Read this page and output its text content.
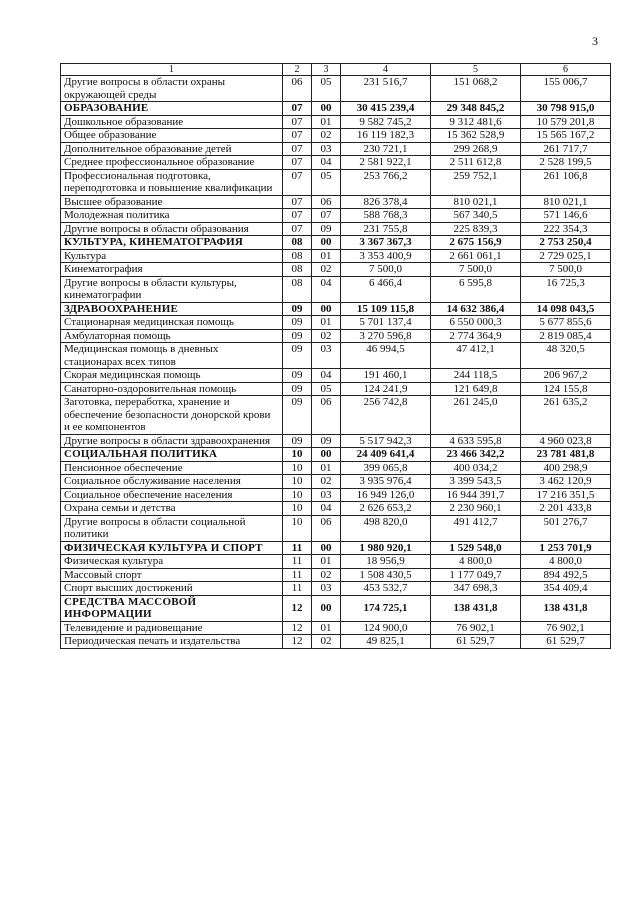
3
1	2	3	4	5	6
Другие вопросы в области охраны окружающей среды	06	05	231 516,7	151 068,2	155 006,7
ОБРАЗОВАНИЕ	07	00	30 415 239,4	29 348 845,2	30 798 915,0
Дошкольное образование	07	01	9 582 745,2	9 312 481,6	10 579 201,8
Общее образование	07	02	16 119 182,3	15 362 528,9	15 565 167,2
Дополнительное образование детей	07	03	230 721,1	299 268,9	261 717,7
Среднее профессиональное образование	07	04	2 581 922,1	2 511 612,8	2 528 199,5
Профессиональная подготовка, переподготовка и повышение квалификации	07	05	253 766,2	259 752,1	261 106,8
Высшее образование	07	06	826 378,4	810 021,1	810 021,1
Молодежная политика	07	07	588 768,3	567 340,5	571 146,6
Другие вопросы в области образования	07	09	231 755,8	225 839,3	222 354,3
КУЛЬТУРА, КИНЕМАТОГРАФИЯ	08	00	3 367 367,3	2 675 156,9	2 753 250,4
Культура	08	01	3 353 400,9	2 661 061,1	2 729 025,1
Кинематография	08	02	7 500,0	7 500,0	7 500,0
Другие вопросы в области культуры, кинематографии	08	04	6 466,4	6 595,8	16 725,3
ЗДРАВООХРАНЕНИЕ	09	00	15 109 115,8	14 632 386,4	14 098 043,5
Стационарная медицинская помощь	09	01	5 701 137,4	6 550 000,3	5 677 855,6
Амбулаторная помощь	09	02	3 270 596,8	2 774 364,9	2 819 085,4
Медицинская помощь в дневных стационарах всех типов	09	03	46 994,5	47 412,1	48 320,5
Скорая медицинская помощь	09	04	191 460,1	244 118,5	206 967,2
Санаторно-оздоровительная помощь	09	05	124 241,9	121 649,8	124 155,8
Заготовка, переработка, хранение и обеспечение безопасности донорской крови и ее компонентов	09	06	256 742,8	261 245,0	261 635,2
Другие вопросы в области здравоохранения	09	09	5 517 942,3	4 633 595,8	4 960 023,8
СОЦИАЛЬНАЯ ПОЛИТИКА	10	00	24 409 641,4	23 466 342,2	23 781 481,8
Пенсионное обеспечение	10	01	399 065,8	400 034,2	400 298,9
Социальное обслуживание населения	10	02	3 935 976,4	3 399 543,5	3 462 120,9
Социальное обеспечение населения	10	03	16 949 126,0	16 944 391,7	17 216 351,5
Охрана семьи и детства	10	04	2 626 653,2	2 230 960,1	2 201 433,8
Другие вопросы в области социальной политики	10	06	498 820,0	491 412,7	501 276,7
ФИЗИЧЕСКАЯ КУЛЬТУРА И СПОРТ	11	00	1 980 920,1	1 529 548,0	1 253 701,9
Физическая культура	11	01	18 956,9	4 800,0	4 800,0
Массовый спорт	11	02	1 508 430,5	1 177 049,7	894 492,5
Спорт высших достижений	11	03	453 532,7	347 698,3	354 409,4
СРЕДСТВА МАССОВОЙ ИНФОРМАЦИИ	12	00	174 725,1	138 431,8	138 431,8
Телевидение и радиовещание	12	01	124 900,0	76 902,1	76 902,1
Периодическая печать и издательства	12	02	49 825,1	61 529,7	61 529,7
